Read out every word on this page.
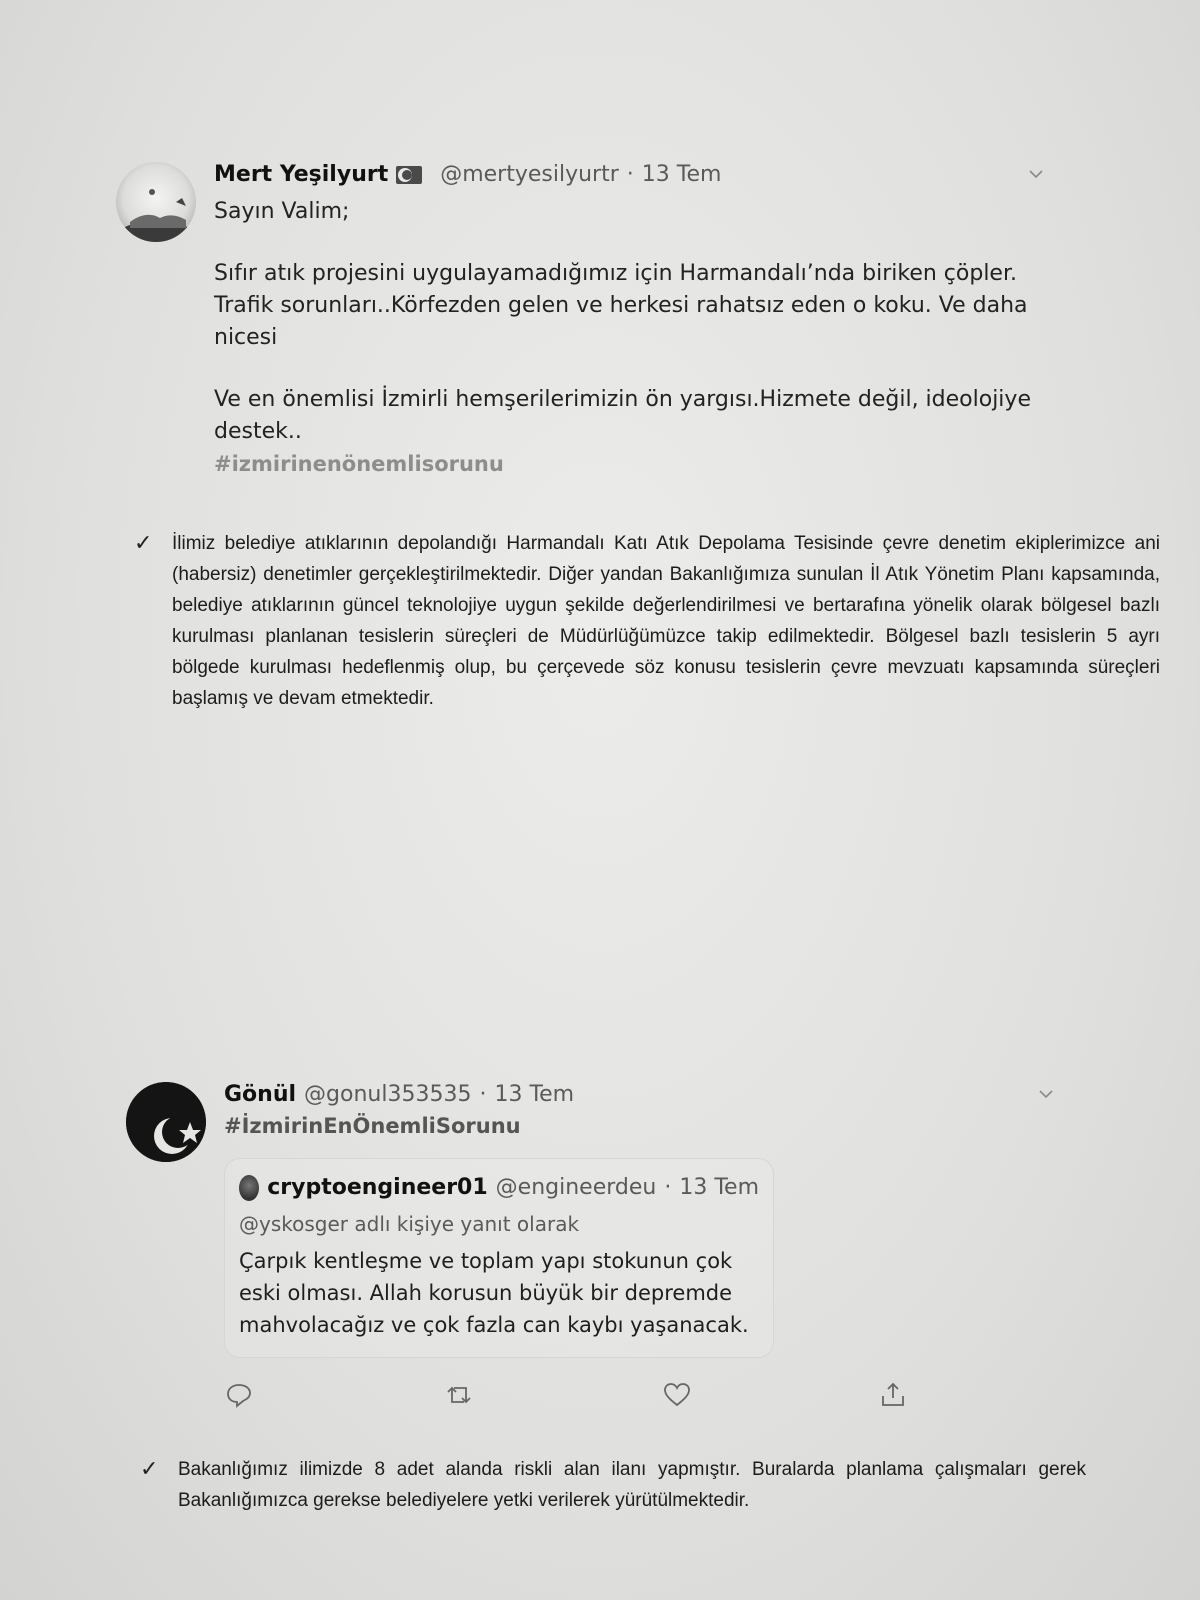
Mert Yeşilyurt @mertyesilyurtr · 13 Tem

Sayın Valim;

Sıfır atık projesini uygulayamadığımız için Harmandalı’nda biriken çöpler. Trafik sorunları..Körfezden gelen ve herkesi rahatsız eden o koku. Ve daha nicesi

Ve en önemlisi İzmirli hemşerilerimizin ön yargısı.Hizmete değil, ideolojiye destek..

#izmirinenönemlisorunu

✓ İlimiz belediye atıklarının depolandığı Harmandalı Katı Atık Depolama Tesisinde çevre denetim ekiplerimizce ani (habersiz) denetimler gerçekleştirilmektedir. Diğer yandan Bakanlığımıza sunulan İl Atık Yönetim Planı kapsamında, belediye atıklarının güncel teknolojiye uygun şekilde değerlendirilmesi ve bertarafına yönelik olarak bölgesel bazlı kurulması planlanan tesislerin süreçleri de Müdürlüğümüzce takip edilmektedir. Bölgesel bazlı tesislerin 5 ayrı bölgede kurulması hedeflenmiş olup, bu çerçevede söz konusu tesislerin çevre mevzuatı kapsamında süreçleri başlamış ve devam etmektedir.
Gönül @gonul353535 · 13 Tem
#İzmirinEnÖnemliSorunu
cryptoengineer01 @engineerdeu · 13 Tem
@yskosger adlı kişiye yanıt olarak
Çarpık kentleşme ve toplam yapı stokunun çok eski olması. Allah korusun büyük bir depremde mahvolacağız ve çok fazla can kaybı yaşanacak.
✓ Bakanlığımız ilimizde 8 adet alanda riskli alan ilanı yapmıştır. Buralarda planlama çalışmaları gerek Bakanlığımızca gerekse belediyelere yetki verilerek yürütülmektedir.
